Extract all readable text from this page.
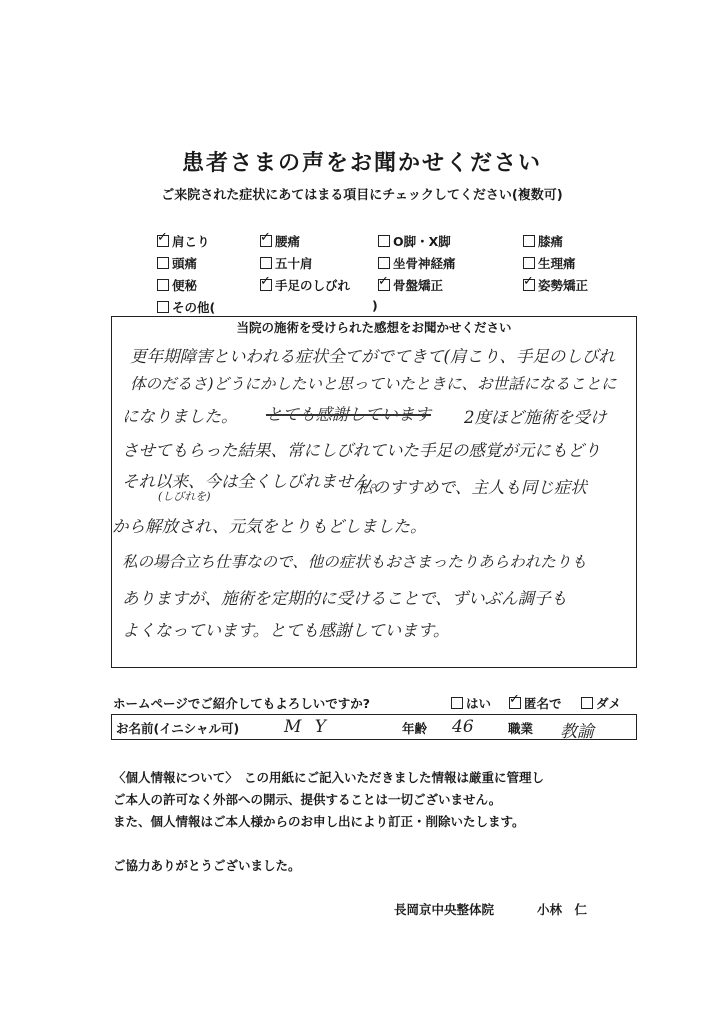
患者さまの声をお聞かせください
ご来院された症状にあてはまる項目にチェックしてください(複数可)
✓肩こり ✓	腰痛	O脚・X脚	膝痛
頭痛	五十肩	坐骨神経痛	生理痛
便秘 ✓	手足のしびれ ✓	骨盤矯正 ✓	姿勢矯正
その他(	)
当院の施術を受けられた感想をお聞かせください
更年期障害といわれる症状全てがでてきて(肩こり、手足のしびれ
体のだるさ)どうにかしたいと思っていたときに、お世話になることに
になりました。 とても感謝しています 2度ほど施術を受け
させてもらった結果、常にしびれていた手足の感覚が元にもどり
それ以来、今は全くしびれません。
私のすすめで、主人も同じ症状
(しびれを)
から解放され、元気をとりもどしました。
私の場合立ち仕事なので、他の症状もおさまったりあらわれたりも
ありますが、施術を定期的に受けることで、ずいぶん調子も
よくなっています。とても感謝しています。
ホームページでご紹介してもよろしいですか?	はい ✓	匿名で	ダメ
お名前(イニシャル可)	M Y	年齢 46	職業 教諭
〈個人情報について〉　この用紙にご記入いただきました情報は厳重に管理し
ご本人の許可なく外部への開示、提供することは一切ございません。
また、個人情報はご本人様からのお申し出により訂正・削除いたします。
ご協力ありがとうございました。
長岡京中央整体院	小林　仁
